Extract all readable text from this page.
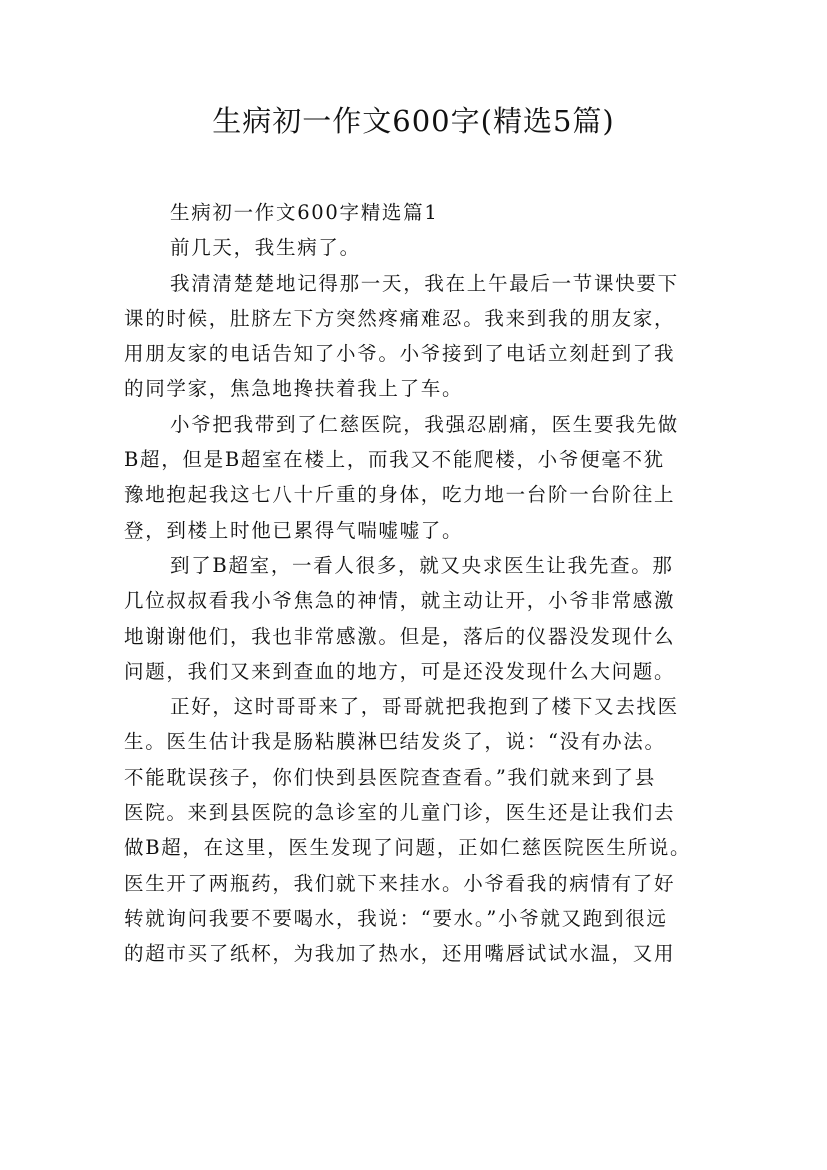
生病初一作文600字(精选5篇)
生病初一作文600字精选篇1
前几天，我生病了。
我清清楚楚地记得那一天，我在上午最后一节课快要下
课的时候，肚脐左下方突然疼痛难忍。我来到我的朋友家，
用朋友家的电话告知了小爷。小爷接到了电话立刻赶到了我
的同学家，焦急地搀扶着我上了车。
小爷把我带到了仁慈医院，我强忍剧痛，医生要我先做
B超，但是B超室在楼上，而我又不能爬楼，小爷便毫不犹
豫地抱起我这七八十斤重的身体，吃力地一台阶一台阶往上
登，到楼上时他已累得气喘嘘嘘了。
到了B超室，一看人很多，就又央求医生让我先查。那
几位叔叔看我小爷焦急的神情，就主动让开，小爷非常感激
地谢谢他们，我也非常感激。但是，落后的仪器没发现什么
问题，我们又来到查血的地方，可是还没发现什么大问题。
正好，这时哥哥来了，哥哥就把我抱到了楼下又去找医
生。医生估计我是肠粘膜淋巴结发炎了，说：“没有办法。
不能耽误孩子，你们快到县医院查查看。”我们就来到了县
医院。来到县医院的急诊室的儿童门诊，医生还是让我们去
做B超，在这里，医生发现了问题，正如仁慈医院医生所说。
医生开了两瓶药，我们就下来挂水。小爷看我的病情有了好
转就询问我要不要喝水，我说：“要水。”小爷就又跑到很远
的超市买了纸杯，为我加了热水，还用嘴唇试试水温，又用
